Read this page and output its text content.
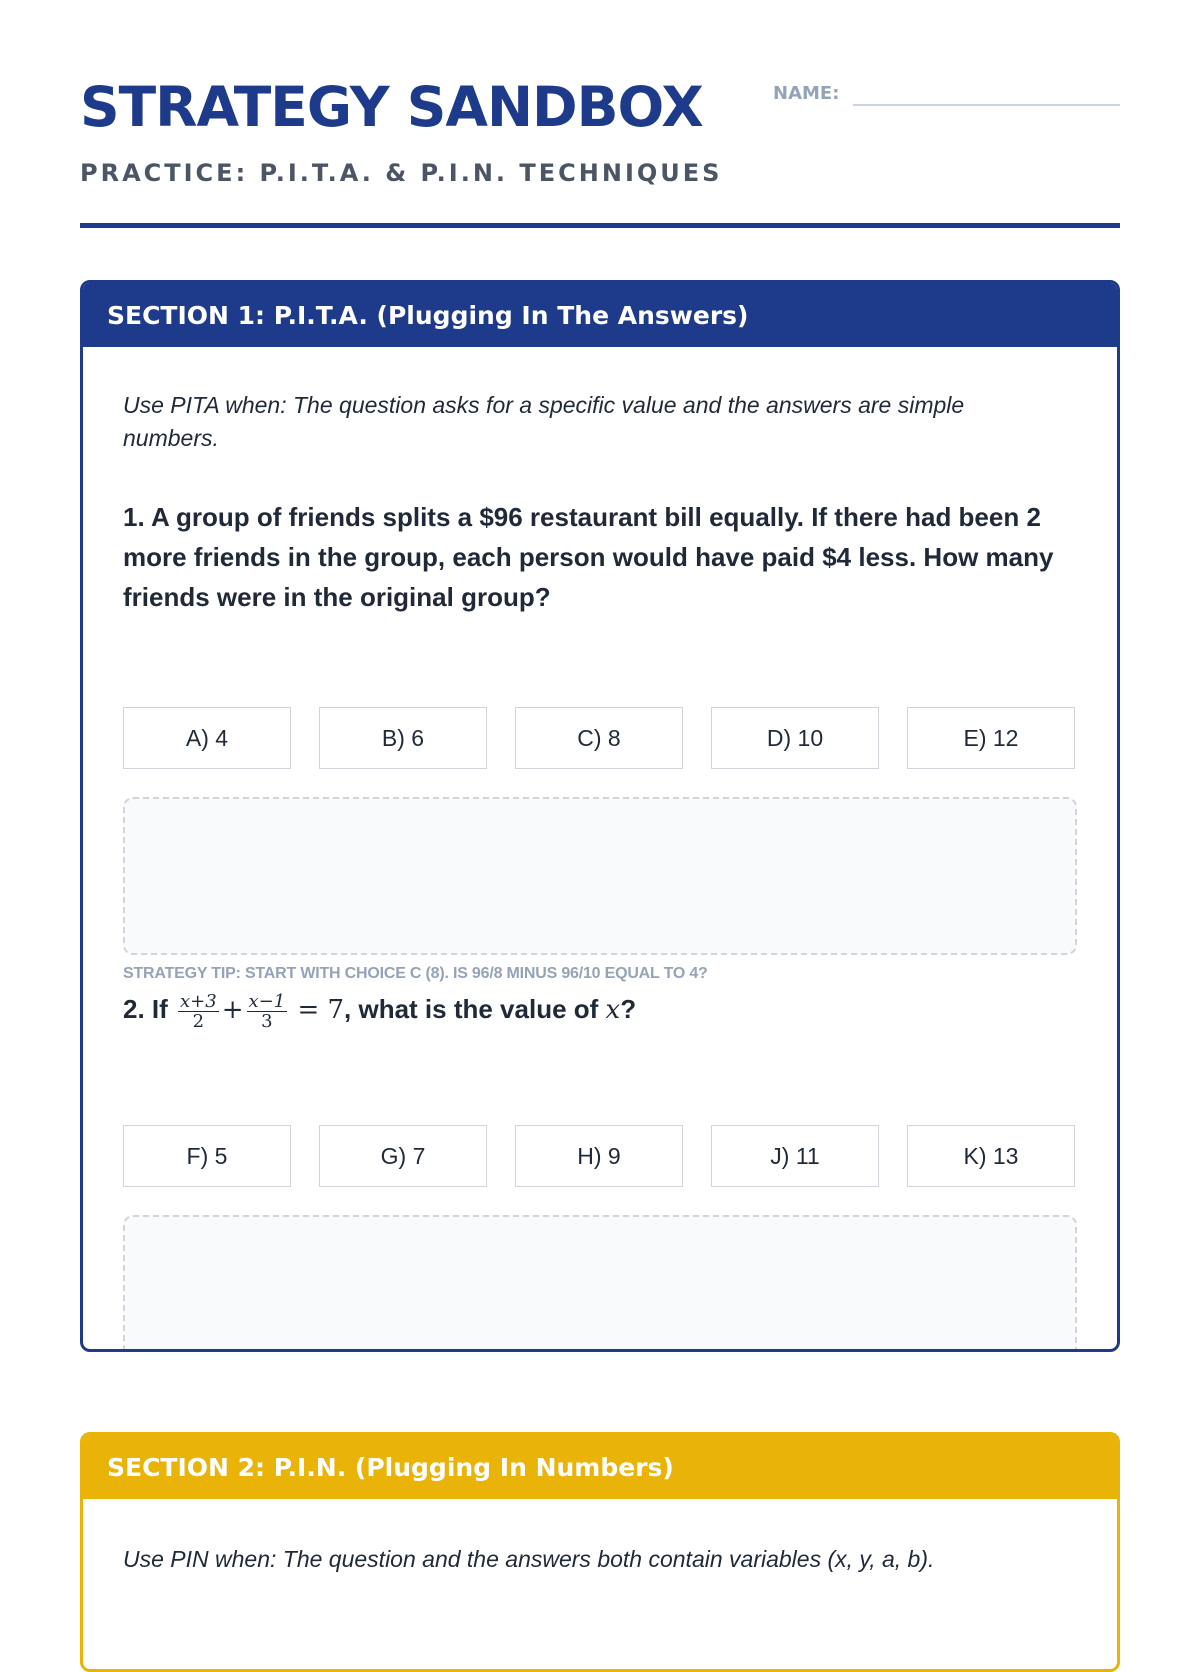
STRATEGY SANDBOX
PRACTICE: P.I.T.A. & P.I.N. TECHNIQUES
NAME:
SECTION 1: P.I.T.A. (Plugging In The Answers)

Use PITA when: The question asks for a specific value and the answers are simple numbers.

1. A group of friends splits a $96 restaurant bill equally. If there had been 2 more friends in the group, each person would have paid $4 less. How many friends were in the original group?

A) 4	B) 6	C) 8	D) 10	E) 12

STRATEGY TIP: START WITH CHOICE C (8). IS 96/8 MINUS 96/10 EQUAL TO 4?

2. If $\frac{x+3}{2} + \frac{x-1}{3} = 7$, what is the value of x?

F) 5	G) 7	H) 9	J) 11	K) 13
SECTION 2: P.I.N. (Plugging In Numbers)

Use PIN when: The question and the answers both contain variables (x, y, a, b).
